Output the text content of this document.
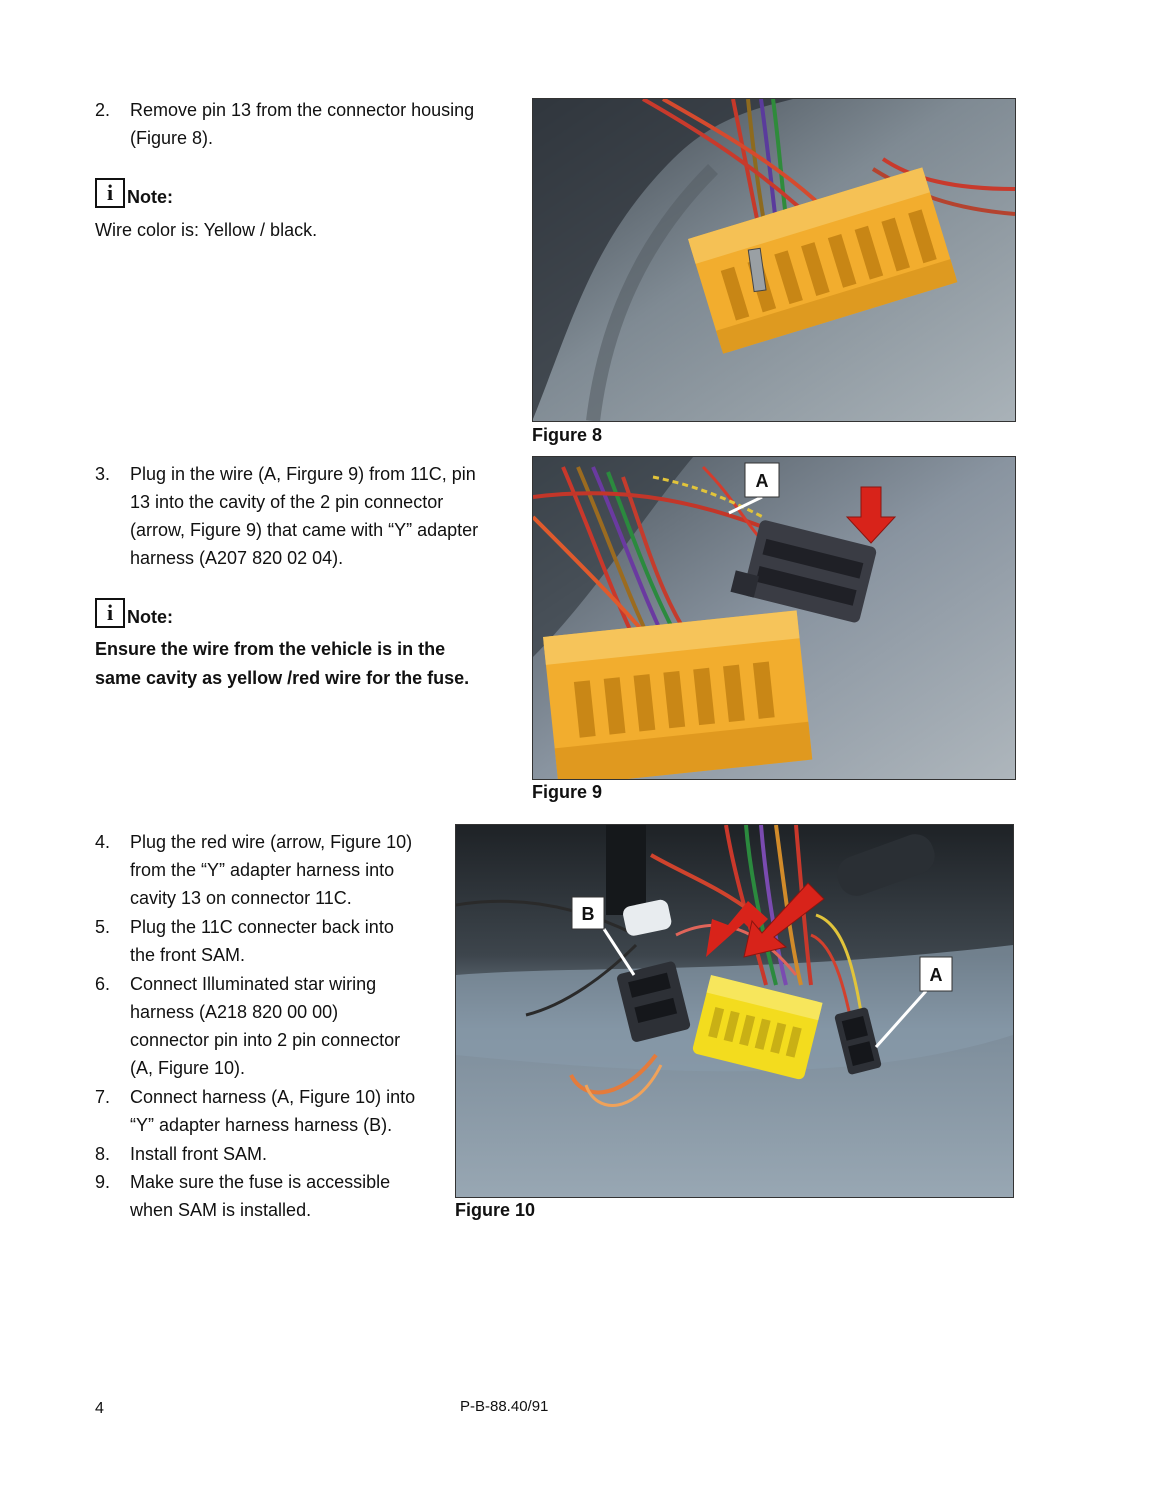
2.	Remove pin 13 from the connector housing
(Figure 8).
i Note:
Wire color is: Yellow / black.
Figure 8
3.	Plug in the wire (A, Firgure 9) from 11C, pin
13 into the cavity of the 2 pin connector
(arrow, Figure 9) that came with “Y” adapter
harness (A207 820 02 04).
i Note:
Ensure the wire from the vehicle is in the
same cavity as yellow /red wire for the fuse.
A
Figure 9
4.	Plug the red wire (arrow, Figure 10)
from the “Y” adapter harness into
cavity 13 on connector 11C.
5.	Plug the 11C connecter back into
the front SAM.
6.	Connect Illuminated star wiring
harness (A218 820 00 00)
connector pin into 2 pin connector
(A, Figure 10).
7.	Connect harness (A, Figure 10) into
“Y” adapter harness harness (B).
8.	Install front SAM.
9.	Make sure the fuse is accessible
when SAM is installed.
B
A
Figure 10
4	P-B-88.40/91
